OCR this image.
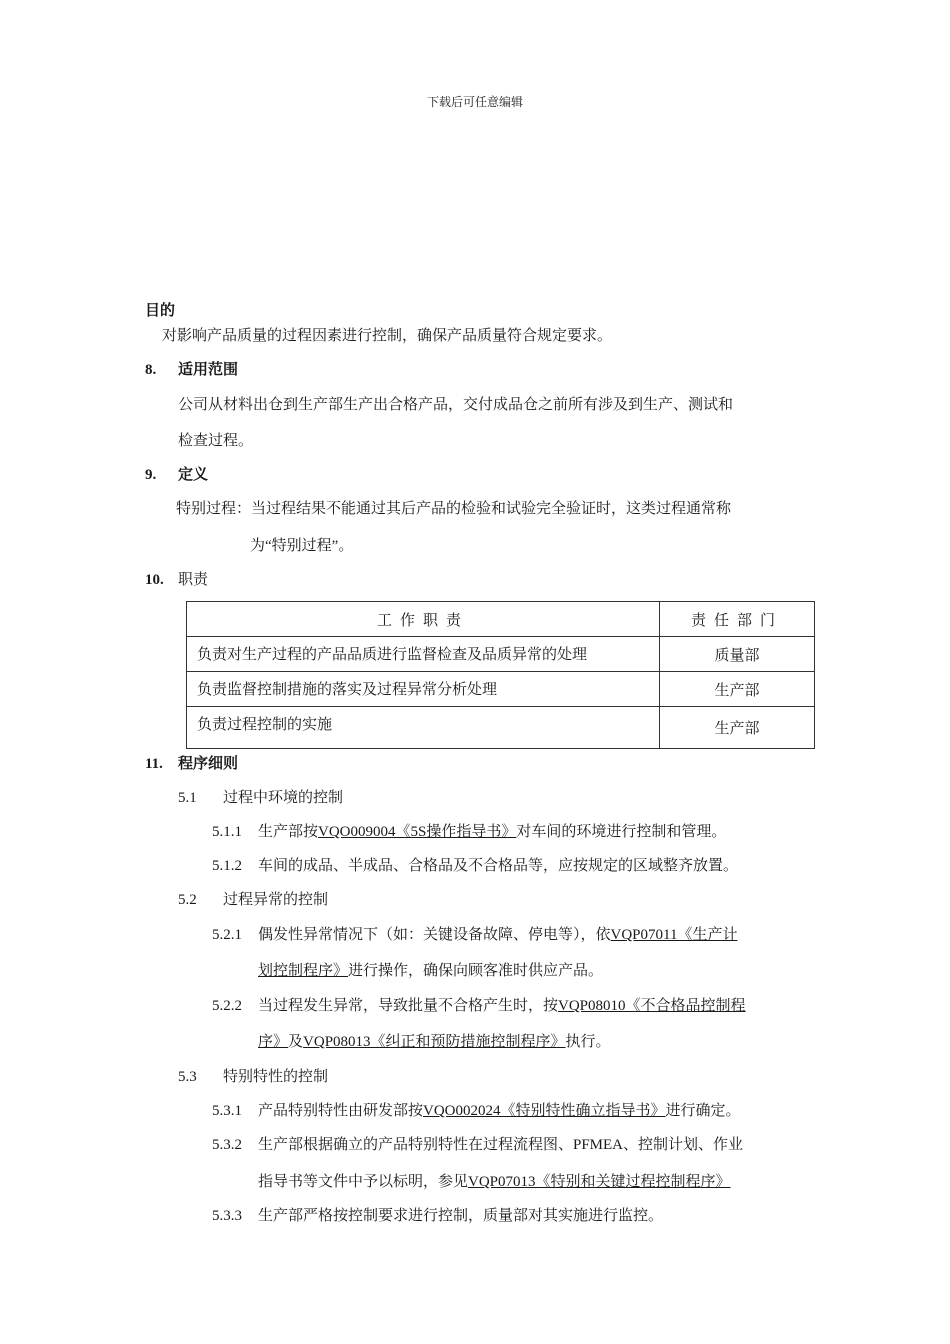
下载后可任意编辑
目的
对影响产品质量的过程因素进行控制，确保产品质量符合规定要求。
8. 适用范围
公司从材料出仓到生产部生产出合格产品，交付成品仓之前所有涉及到生产、测试和
检查过程。
9. 定义
特别过程：当过程结果不能通过其后产品的检验和试验完全验证时，这类过程通常称
为“特别过程”。
10. 职责
工作职责	责任部门
负责对生产过程的产品品质进行监督检查及品质异常的处理	质量部
负责监督控制措施的落实及过程异常分析处理	生产部
负责过程控制的实施	生产部
11. 程序细则
5.1 过程中环境的控制
5.1.1 生产部按VQO009004《5S操作指导书》对车间的环境进行控制和管理。
5.1.2 车间的成品、半成品、合格品及不合格品等，应按规定的区域整齐放置。
5.2 过程异常的控制
5.2.1 偶发性异常情况下（如：关键设备故障、停电等），依VQP07011《生产计
划控制程序》进行操作，确保向顾客准时供应产品。
5.2.2 当过程发生异常，导致批量不合格产生时，按VQP08010《不合格品控制程
序》及VQP08013《纠正和预防措施控制程序》执行。
5.3 特别特性的控制
5.3.1 产品特别特性由研发部按VQO002024《特别特性确立指导书》进行确定。
5.3.2 生产部根据确立的产品特别特性在过程流程图、PFMEA、控制计划、作业
指导书等文件中予以标明，参见VQP07013《特别和关键过程控制程序》
5.3.3 生产部严格按控制要求进行控制，质量部对其实施进行监控。
